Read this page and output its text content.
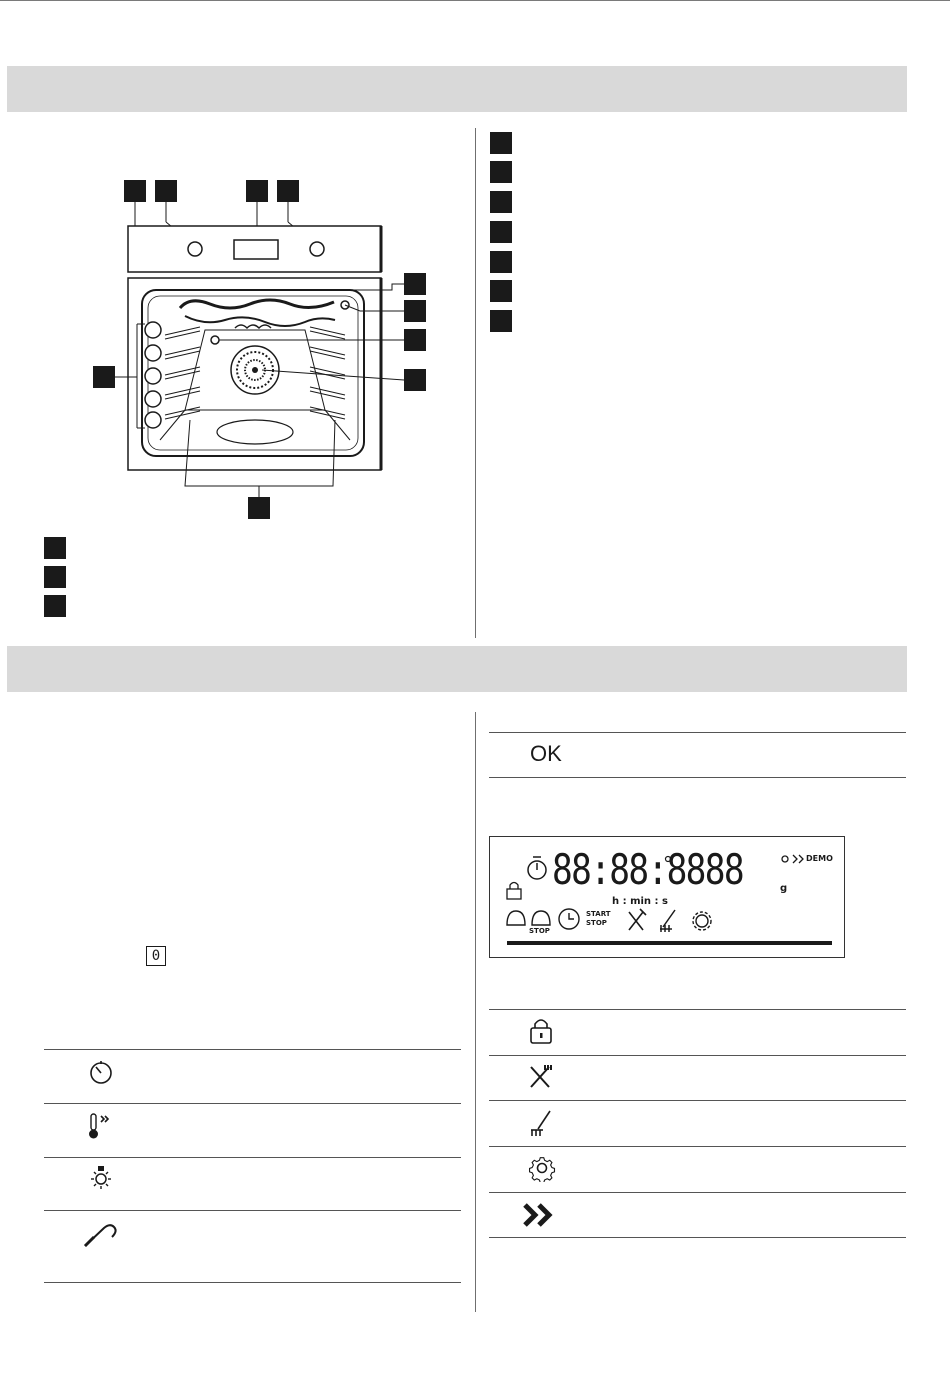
0
OK
88:88:8888
h : min : s
g
DEMO
STOP
START
STOP
